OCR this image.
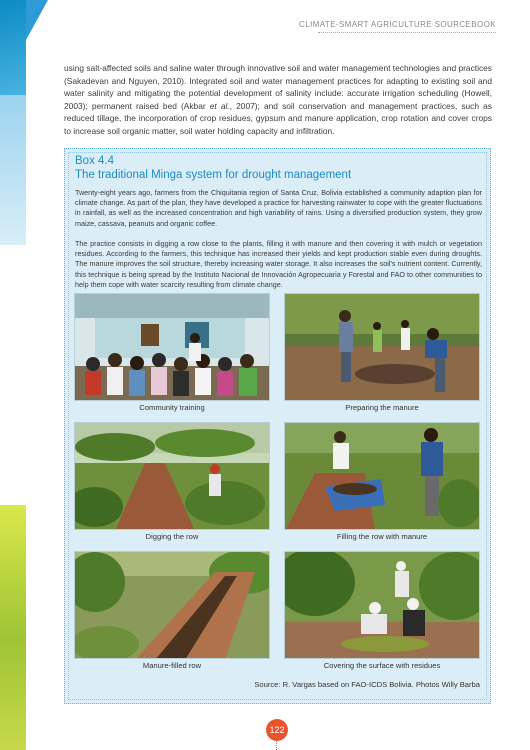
CLIMATE-SMART AGRICULTURE SOURCEBOOK

using salt-affected soils and saline water through innovative soil and water management technologies and practices (Sakadevan and Nguyen, 2010). Integrated soil and water management practices for adapting to existing soil and water salinity and mitigating the potential development of salinity include: accurate irrigation scheduling (Howell, 2003); permanent raised bed (Akbar et al., 2007); and soil conservation and management practices, such as reduced tillage, the incorporation of crop residues, gypsum and manure application, crop rotation and cover crops to increase soil organic matter, soil water holding capacity and infiltration.

Box 4.4
The traditional Minga system for drought management

Twenty-eight years ago, farmers from the Chiquitania region of Santa Cruz, Bolivia established a community adaption plan for climate change. As part of the plan, they have developed a practice for harvesting rainwater to cope with the greater fluctuations in rainfall, as well as the increased concentration and high variability of rains. Using a diversified production system, they grow maize, cassava, peanuts and organic coffee.

The practice consists in digging a row close to the plants, filling it with manure and then covering it with mulch or vegetation residues. According to the farmers, this technique has increased their yields and kept production stable even during droughts. The manure improves the soil structure, thereby increasing water storage. It also increases the soil's nutrient content. Currently, this technique is being spread by the Instituto Nacional de Innovación Agropecuaria y Forestal and FAO to other communities to help them cope with water scarcity resulting from climate change.

Community training	Preparing the manure
Digging the row	Filling the row with manure
Manure-filled row	Covering the surface with residues
Source: R. Vargas based on FAO-ICDS Bolivia. Photos Willy Barba
122
